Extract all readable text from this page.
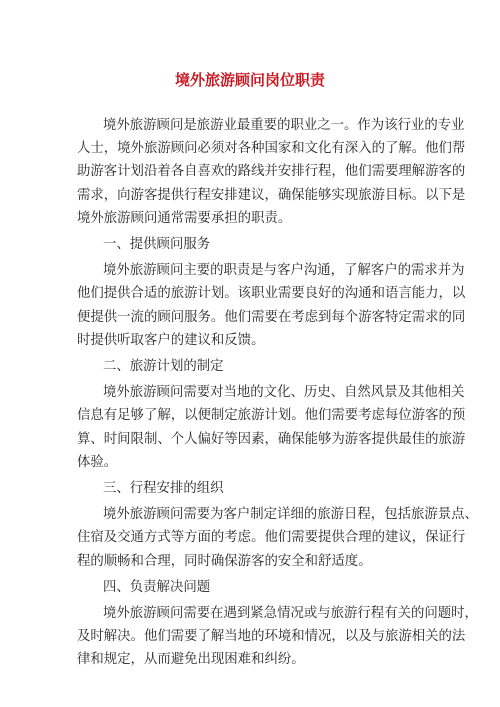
境外旅游顾问岗位职责
境外旅游顾问是旅游业最重要的职业之一。作为该行业的专业
人士，境外旅游顾问必须对各种国家和文化有深入的了解。他们帮
助游客计划沿着各自喜欢的路线并安排行程，他们需要理解游客的
需求，向游客提供行程安排建议，确保能够实现旅游目标。以下是
境外旅游顾问通常需要承担的职责。
一、提供顾问服务
境外旅游顾问主要的职责是与客户沟通，了解客户的需求并为
他们提供合适的旅游计划。该职业需要良好的沟通和语言能力，以
便提供一流的顾问服务。他们需要在考虑到每个游客特定需求的同
时提供听取客户的建议和反馈。
二、旅游计划的制定
境外旅游顾问需要对当地的文化、历史、自然风景及其他相关
信息有足够了解，以便制定旅游计划。他们需要考虑每位游客的预
算、时间限制、个人偏好等因素，确保能够为游客提供最佳的旅游
体验。
三、行程安排的组织
境外旅游顾问需要为客户制定详细的旅游日程，包括旅游景点、
住宿及交通方式等方面的考虑。他们需要提供合理的建议，保证行
程的顺畅和合理，同时确保游客的安全和舒适度。
四、负责解决问题
境外旅游顾问需要在遇到紧急情况或与旅游行程有关的问题时，
及时解决。他们需要了解当地的环境和情况，以及与旅游相关的法
律和规定，从而避免出现困难和纠纷。
